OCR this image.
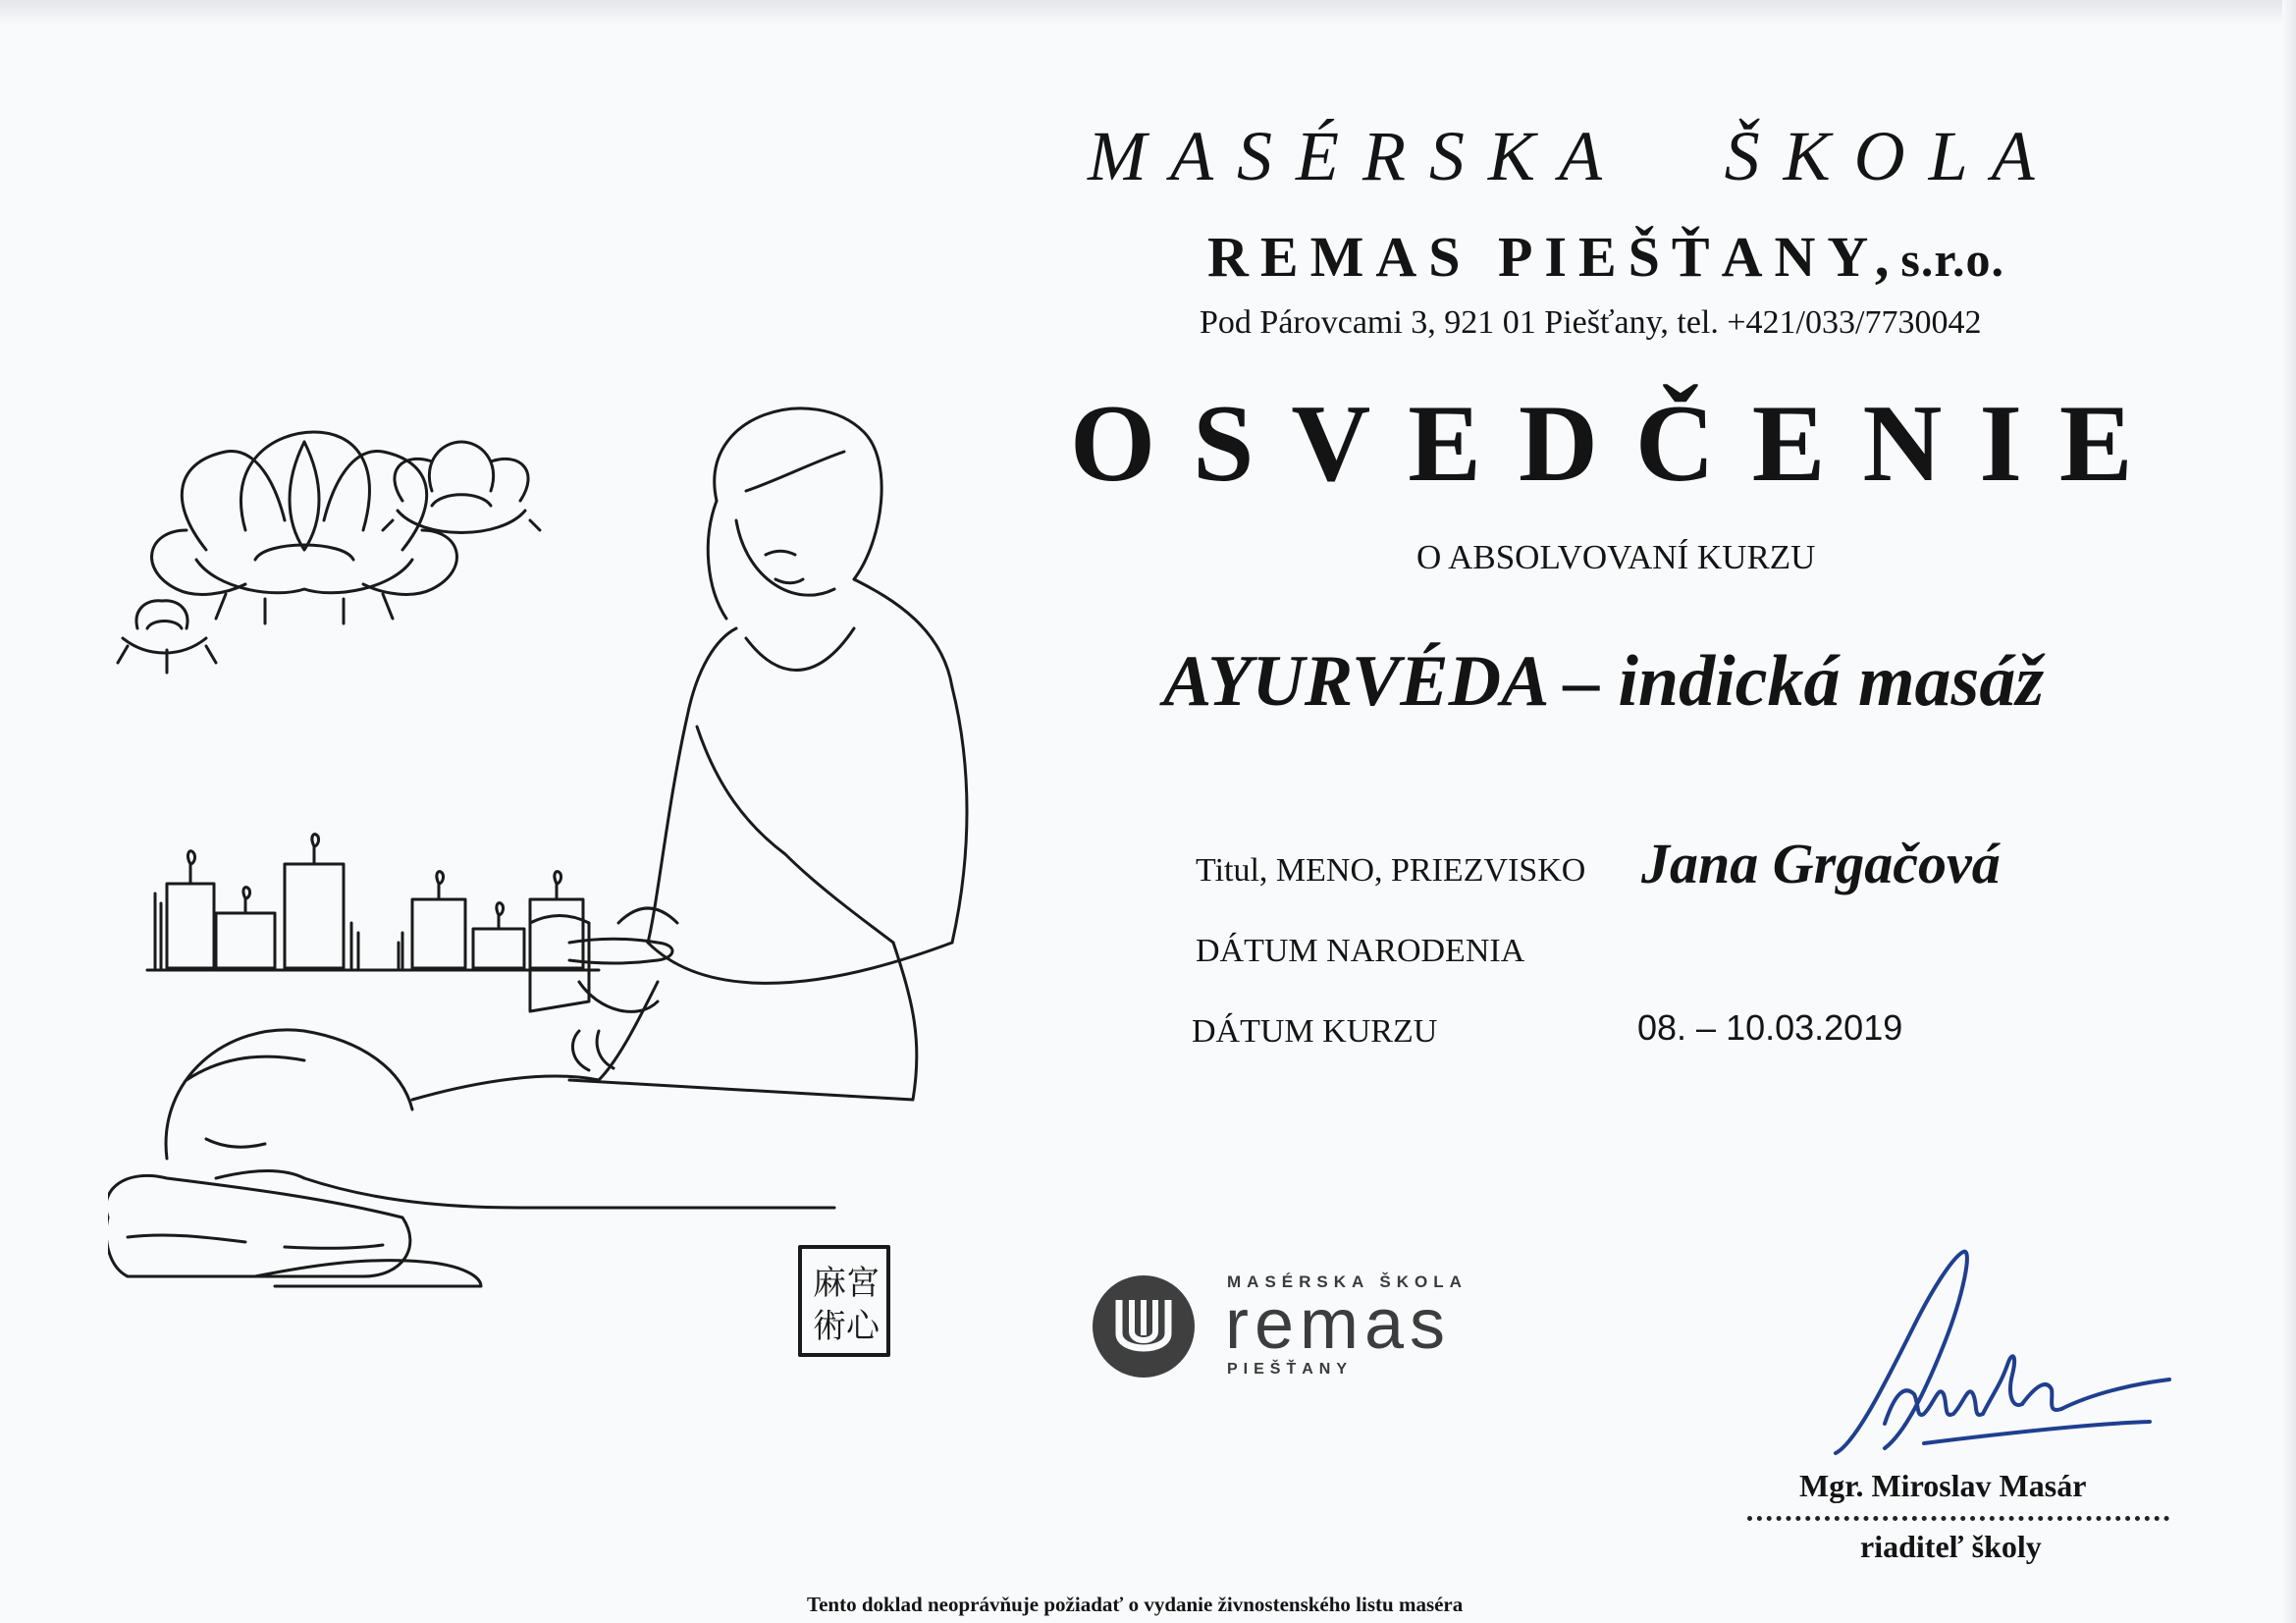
麻宮
術心
MASÉRSKA ŠKOLA
REMAS PIEŠŤANY,s.r.o.
Pod Párovcami 3, 921 01 Piešťany, tel. +421/033/7730042
OSVEDČENIE
O ABSOLVOVANÍ KURZU
AYURVÉDA – indická masáž
Titul, MENO, PRIEZVISKO Jana Grgačová
DÁTUM NARODENIA
DÁTUM KURZU	08. – 10.03.2019
MASÉRSKA ŠKOLA
remas
PIEŠŤANY
Mgr. Miroslav Masár
riaditeľ školy
Tento doklad neoprávňuje požiadať o vydanie živnostenského listu maséra
